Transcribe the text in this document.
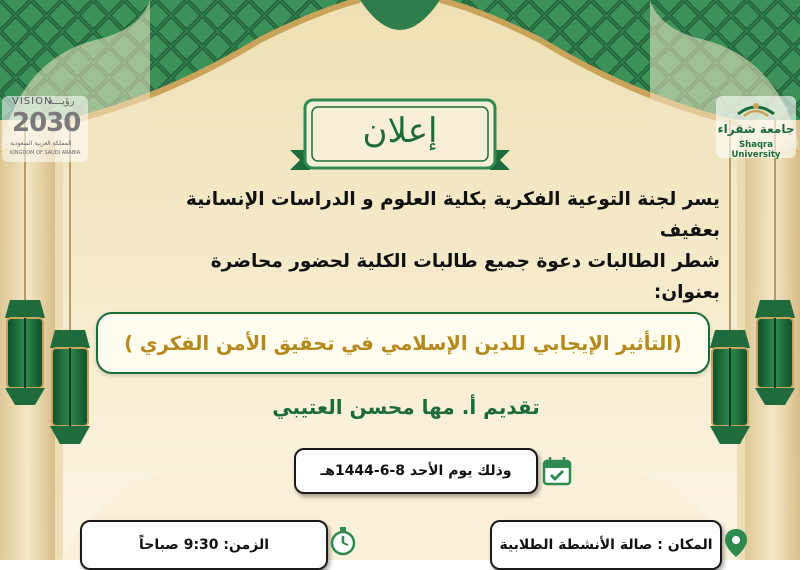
إعلان
رؤيـــة
VISION
2030
المملكة العربية السعودية
KINGDOM OF SAUDI ARABIA
جامعة شقراء
Shaqra University
يسر لجنة التوعية الفكرية بكلية العلوم و الدراسات الإنسانية بعفيف
شطر الطالبات دعوة جميع طالبات الكلية لحضور محاضرة بعنوان:
(التأثير الإيجابي للدين الإسلامي في تحقيق الأمن الفكري )
تقديم أ. مها محسن العتيبي
وذلك يوم الأحد 8-6-1444هـ
المكان : صالة الأنشطة الطلابية
الزمن: 9:30 صباحاً
